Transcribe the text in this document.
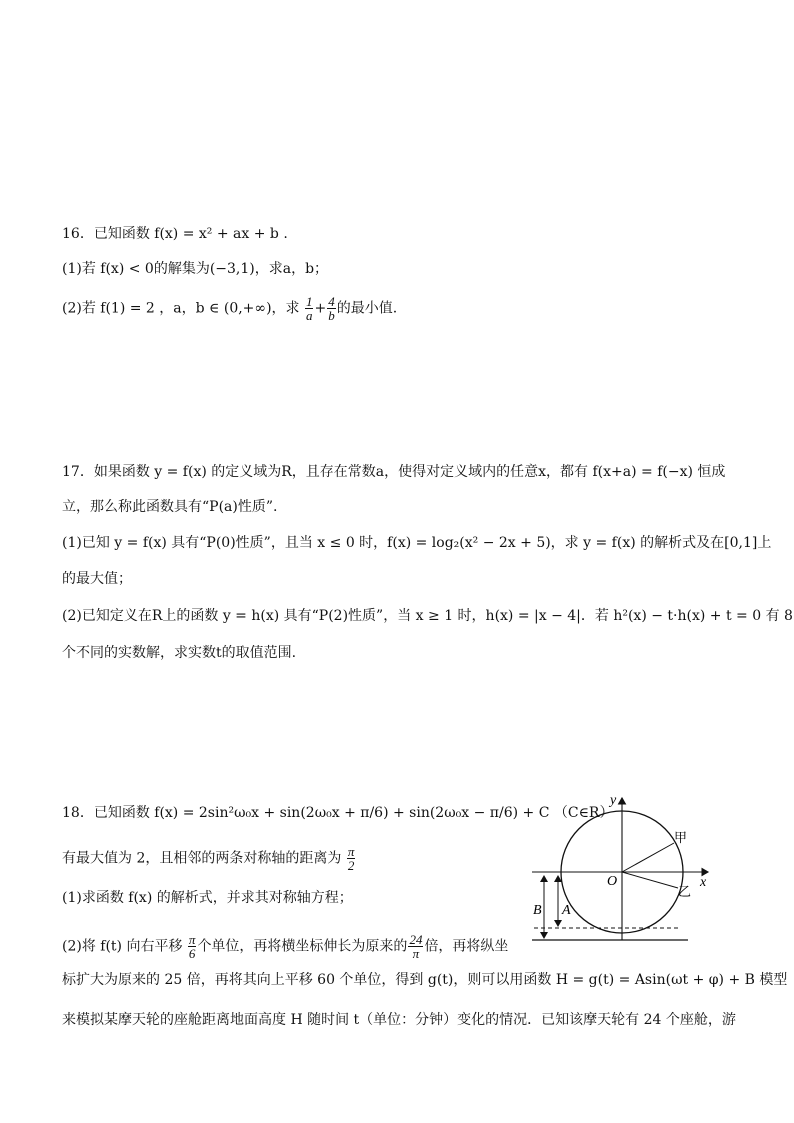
16．已知函数 f(x) = x² + ax + b .
(1)若 f(x) < 0的解集为(−3,1)，求a，b；
(2)若 f(1) = 2 ，a，b ∈ (0,+∞)，求 $\frac{1}{a} + \frac{4}{b}$ 的最小值.
17．如果函数 y = f(x) 的定义域为R，且存在常数a，使得对定义域内的任意x，都有 f(x+a) = f(−x) 恒成
立，那么称此函数具有“P(a)性质”.
(1)已知 y = f(x) 具有“P(0)性质”，且当 x ≤ 0 时，f(x) = log₂(x² − 2x + 5)，求 y = f(x) 的解析式及在[0,1]上
的最大值；
(2)已知定义在R上的函数 y = h(x) 具有“P(2)性质”，当 x ≥ 1 时，h(x) = |x − 4|．若 h²(x) − t·h(x) + t = 0 有 8
个不同的实数解，求实数t的取值范围.
18．已知函数 f(x) = 2sin²ω₀x + sin(2ω₀x + π/6) + sin(2ω₀x − π/6) + C （C∈R）
有最大值为 2，且相邻的两条对称轴的距离为 $\frac{\pi}{2}$
(1)求函数 f(x) 的解析式，并求其对称轴方程；
(2)将 f(t) 向右平移 $\frac{\pi}{6}$ 个单位，再将横坐标伸长为原来的 $\frac{24}{\pi}$ 倍，再将纵坐
标扩大为原来的 25 倍，再将其向上平移 60 个单位，得到 g(t)，则可以用函数 H = g(t) = Asin(ωt + φ) + B 模型
来模拟某摩天轮的座舱距离地面高度 H 随时间 t（单位：分钟）变化的情况．已知该摩天轮有 24 个座舱，游
y
x
O
甲
乙
A
B
